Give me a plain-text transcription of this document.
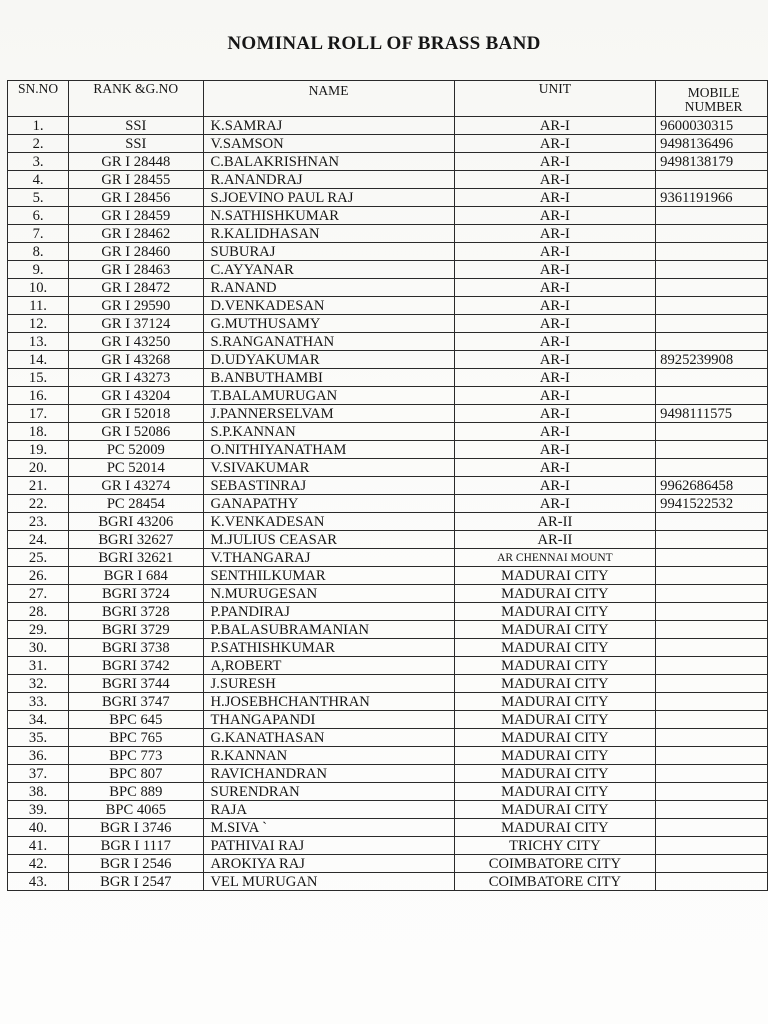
NOMINAL ROLL OF BRASS BAND
SN.NO	RANK &G.NO	NAME	UNIT	MOBILE NUMBER
1.	SSI	K.SAMRAJ	AR-I	9600030315
2.	SSI	V.SAMSON	AR-I	9498136496
3.	GR I 28448	C.BALAKRISHNAN	AR-I	9498138179
4.	GR I 28455	R.ANANDRAJ	AR-I	
5.	GR I 28456	S.JOEVINO PAUL RAJ	AR-I	9361191966
6.	GR I 28459	N.SATHISHKUMAR	AR-I	
7.	GR I 28462	R.KALIDHASAN	AR-I	
8.	GR I 28460	SUBURAJ	AR-I	
9.	GR I 28463	C.AYYANAR	AR-I	
10.	GR I 28472	R.ANAND	AR-I	
11.	GR I 29590	D.VENKADESAN	AR-I	
12.	GR I 37124	G.MUTHUSAMY	AR-I	
13.	GR I 43250	S.RANGANATHAN	AR-I	
14.	GR I 43268	D.UDYAKUMAR	AR-I	8925239908
15.	GR I 43273	B.ANBUTHAMBI	AR-I	
16.	GR I 43204	T.BALAMURUGAN	AR-I	
17.	GR I 52018	J.PANNERSELVAM	AR-I	9498111575
18.	GR I 52086	S.P.KANNAN	AR-I	
19.	PC 52009	O.NITHIYANATHAM	AR-I	
20.	PC 52014	V.SIVAKUMAR	AR-I	
21.	GR I 43274	SEBASTINRAJ	AR-I	9962686458
22.	PC 28454	GANAPATHY	AR-I	9941522532
23.	BGRI 43206	K.VENKADESAN	AR-II	
24.	BGRI 32627	M.JULIUS CEASAR	AR-II	
25.	BGRI 32621	V.THANGARAJ	AR CHENNAI MOUNT	
26.	BGR I 684	SENTHILKUMAR	MADURAI CITY	
27.	BGRI 3724	N.MURUGESAN	MADURAI CITY	
28.	BGRI 3728	P.PANDIRAJ	MADURAI CITY	
29.	BGRI 3729	P.BALASUBRAMANIAN	MADURAI CITY	
30.	BGRI 3738	P.SATHISHKUMAR	MADURAI CITY	
31.	BGRI 3742	A,ROBERT	MADURAI CITY	
32.	BGRI 3744	J.SURESH	MADURAI CITY	
33.	BGRI 3747	H.JOSEBHCHANTHRAN	MADURAI CITY	
34.	BPC 645	THANGAPANDI	MADURAI CITY	
35.	BPC 765	G.KANATHASAN	MADURAI CITY	
36.	BPC 773	R.KANNAN	MADURAI CITY	
37.	BPC 807	RAVICHANDRAN	MADURAI CITY	
38.	BPC 889	SURENDRAN	MADURAI CITY	
39.	BPC 4065	RAJA	MADURAI CITY	
40.	BGR I 3746	M.SIVA `	MADURAI CITY	
41.	BGR I 1117	PATHIVAI RAJ	TRICHY CITY	
42.	BGR I 2546	AROKIYA RAJ	COIMBATORE CITY	
43.	BGR I 2547	VEL MURUGAN	COIMBATORE CITY	
